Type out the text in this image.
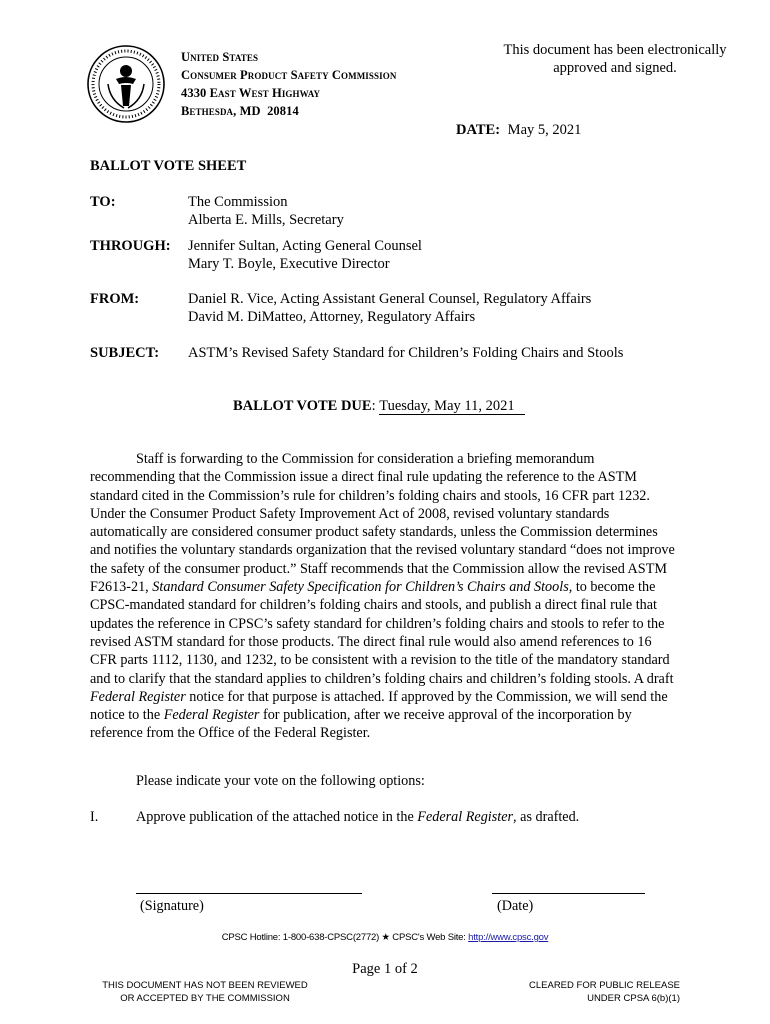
United States
Consumer Product Safety Commission
4330 East West Highway
Bethesda, MD  20814
This document has been electronically
approved and signed.
DATE: May 5, 2021
BALLOT VOTE SHEET
TO:	The Commission
Alberta E. Mills, Secretary
THROUGH: Jennifer Sultan, Acting General Counsel
Mary T. Boyle, Executive Director
FROM:	Daniel R. Vice, Acting Assistant General Counsel, Regulatory Affairs
David M. DiMatteo, Attorney, Regulatory Affairs
SUBJECT: ASTM’s Revised Safety Standard for Children’s Folding Chairs and Stools
BALLOT VOTE DUE: Tuesday, May 11, 2021
Staff is forwarding to the Commission for consideration a briefing memorandum recommending that the Commission issue a direct final rule updating the reference to the ASTM standard cited in the Commission’s rule for children’s folding chairs and stools, 16 CFR part 1232. Under the Consumer Product Safety Improvement Act of 2008, revised voluntary standards automatically are considered consumer product safety standards, unless the Commission determines and notifies the voluntary standards organization that the revised voluntary standard “does not improve the safety of the consumer product.” Staff recommends that the Commission allow the revised ASTM F2613-21, Standard Consumer Safety Specification for Children’s Chairs and Stools, to become the CPSC-mandated standard for children’s folding chairs and stools, and publish a direct final rule that updates the reference in CPSC’s safety standard for children’s folding chairs and stools to refer to the revised ASTM standard for those products. The direct final rule would also amend references to 16 CFR parts 1112, 1130, and 1232, to be consistent with a revision to the title of the mandatory standard and to clarify that the standard applies to children’s folding chairs and children’s folding stools. A draft Federal Register notice for that purpose is attached. If approved by the Commission, we will send the notice to the Federal Register for publication, after we receive approval of the incorporation by reference from the Office of the Federal Register.
Please indicate your vote on the following options:
I.	Approve publication of the attached notice in the Federal Register, as drafted.
(Signature)	(Date)
CPSC Hotline: 1-800-638-CPSC(2772) ★ CPSC's Web Site: http://www.cpsc.gov
Page 1 of 2
THIS DOCUMENT HAS NOT BEEN REVIEWED
OR ACCEPTED BY THE COMMISSION
CLEARED FOR PUBLIC RELEASE
UNDER CPSA 6(b)(1)
